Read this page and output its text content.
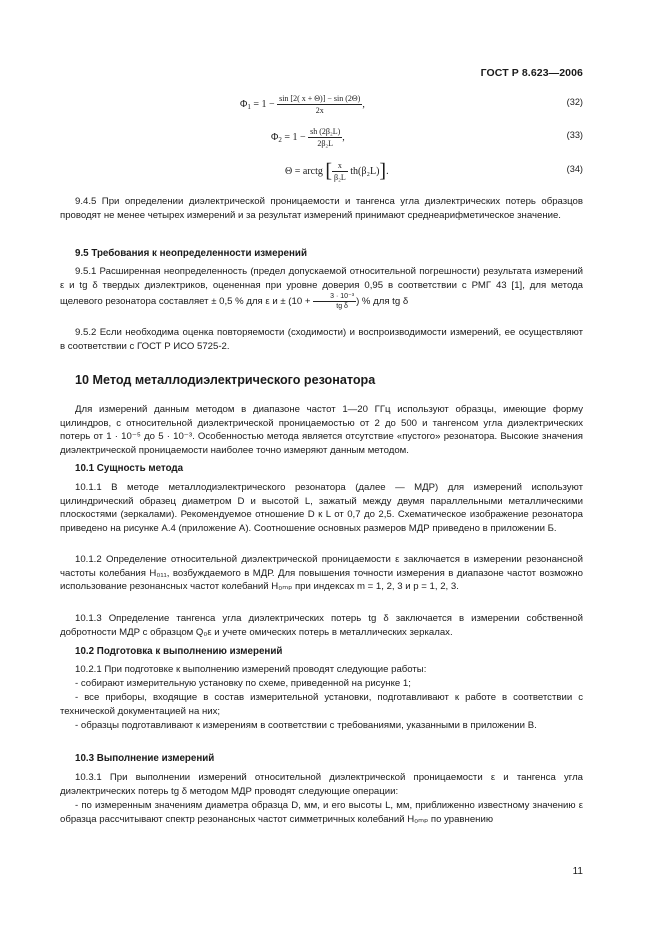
ГОСТ Р 8.623—2006
$\Phi_1 = 1 - \frac{\sin [2( x + \Theta)] - \sin (2\Theta)}{2x}$ ,	(32)
$\Phi_2 = 1 - \frac{\text{sh (2β₂L)}}{\text{2β₂L}}$ ,	(33)
Θ = arctg [ $\frac{x}{\text{β₂L}} th(\beta_2L)$].	(34)
9.4.5 При определении диэлектрической проницаемости и тангенса угла диэлектрических потерь образцов проводят не менее четырех измерений и за результат измерений принимают среднеарифметическое значение.
9.5 Требования к неопределенности измерений
9.5.1 Расширенная неопределенность (предел допускаемой относительной погрешности) результата измерений ε и tg δ твердых диэлектриков, оцененная при уровне доверия 0,95 в соответствии с РМГ 43 [1], для метода щелевого резонатора составляет ± 0,5 % для ε $и \pm (10 + \frac{\text{3 · 10⁻³}}{\text{tg δ}}$ ) % для tg δ
9.5.2 Если необходима оценка повторяемости (сходимости) и воспроизводимости измерений, ее осуществляют в соответствии с ГОСТ Р ИСО 5725-2.
10 Метод металлодиэлектрического резонатора
Для измерений данным методом в диапазоне частот 1—20 ГГц используют образцы, имеющие форму цилиндров, с относительной диэлектрической проницаемостью от 2 до 500 и тангенсом угла диэлектрических потерь от 1 · 10⁻⁵ до 5 · 10⁻³. Особенностью метода является отсутствие «пустого» резонатора. Высокие значения диэлектрической проницаемости наиболее точно измеряют данным методом.
10.1 Сущность метода
10.1.1 В методе металлодиэлектрического резонатора (далее — МДР) для измерений используют цилиндрический образец диаметром D и высотой L, зажатый между двумя параллельными металлическими плоскостями (зеркалами). Рекомендуемое отношение D к L от 0,7 до 2,5. Схематическое изображение резонатора приведено на рисунке А.4 (приложение А). Соотношение основных размеров МДР приведено в приложении Б.
10.1.2 Определение относительной диэлектрической проницаемости ε заключается в измерении резонансной частоты колебания H₀₁₁, возбуждаемого в МДР. Для повышения точности измерения в диапазоне частот возможно использование резонансных частот колебаний H₀ₘₚ при индексах m = 1, 2, 3 и p = 1, 2, 3.
10.1.3 Определение тангенса угла диэлектрических потерь tg δ заключается в измерении собственной добротности МДР с образцом Q₀ε и учете омических потерь в металлических зеркалах.
10.2 Подготовка к выполнению измерений
10.2.1 При подготовке к выполнению измерений проводят следующие работы:
- собирают измерительную установку по схеме, приведенной на рисунке 1;
- все приборы, входящие в состав измерительной установки, подготавливают к работе в соответствии с технической документацией на них;
- образцы подготавливают к измерениям в соответствии с требованиями, указанными в приложении В.
10.3 Выполнение измерений
10.3.1 При выполнении измерений относительной диэлектрической проницаемости ε и тангенса угла диэлектрических потерь tg δ методом МДР проводят следующие операции:
- по измеренным значениям диаметра образца D, мм, и его высоты L, мм, приближенно известному значению ε образца рассчитывают спектр резонансных частот симметричных колебаний H₀ₘₚ по уравнению
11
